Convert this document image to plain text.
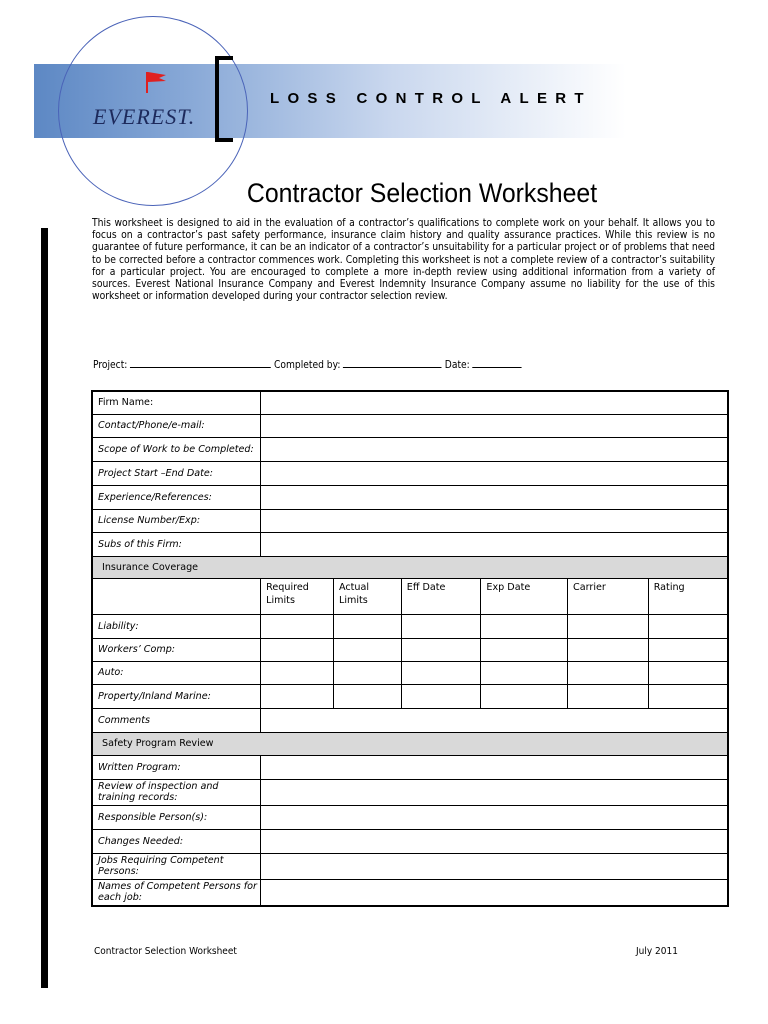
EVEREST.
LOSS CONTROL ALERT
Contractor Selection Worksheet

This worksheet is designed to aid in the evaluation of a contractor’s qualifications to complete work on your behalf. It allows you to focus on a contractor’s past safety performance, insurance claim history and quality assurance practices. While this review is no guarantee of future performance, it can be an indicator of a contractor’s unsuitability for a particular project or of problems that need to be corrected before a contractor commences work. Completing this worksheet is not a complete review of a contractor’s suitability for a particular project. You are encouraged to complete a more in-depth review using additional information from a variety of sources. Everest National Insurance Company and Everest Indemnity Insurance Company assume no liability for the use of this worksheet or information developed during your contractor selection review.

Project:	Completed by:	Date:
Firm Name:						
Contact/Phone/e-mail:						
Scope of Work to be Completed:						
Project Start –End Date:						
Experience/References:						
License Number/Exp:						
Subs of this Firm:						
Insurance Coverage						
	Required Limits	Actual Limits	Eff Date	Exp Date	Carrier	Rating
Liability:						
Workers’ Comp:						
Auto:						
Property/Inland Marine:						
Comments						
Safety Program Review						
Written Program:						
Review of inspection and training records:						
Responsible Person(s):						
Changes Needed:						
Jobs Requiring Competent Persons:						
Names of Competent Persons for each job:						
Contractor Selection Worksheet	July 2011
